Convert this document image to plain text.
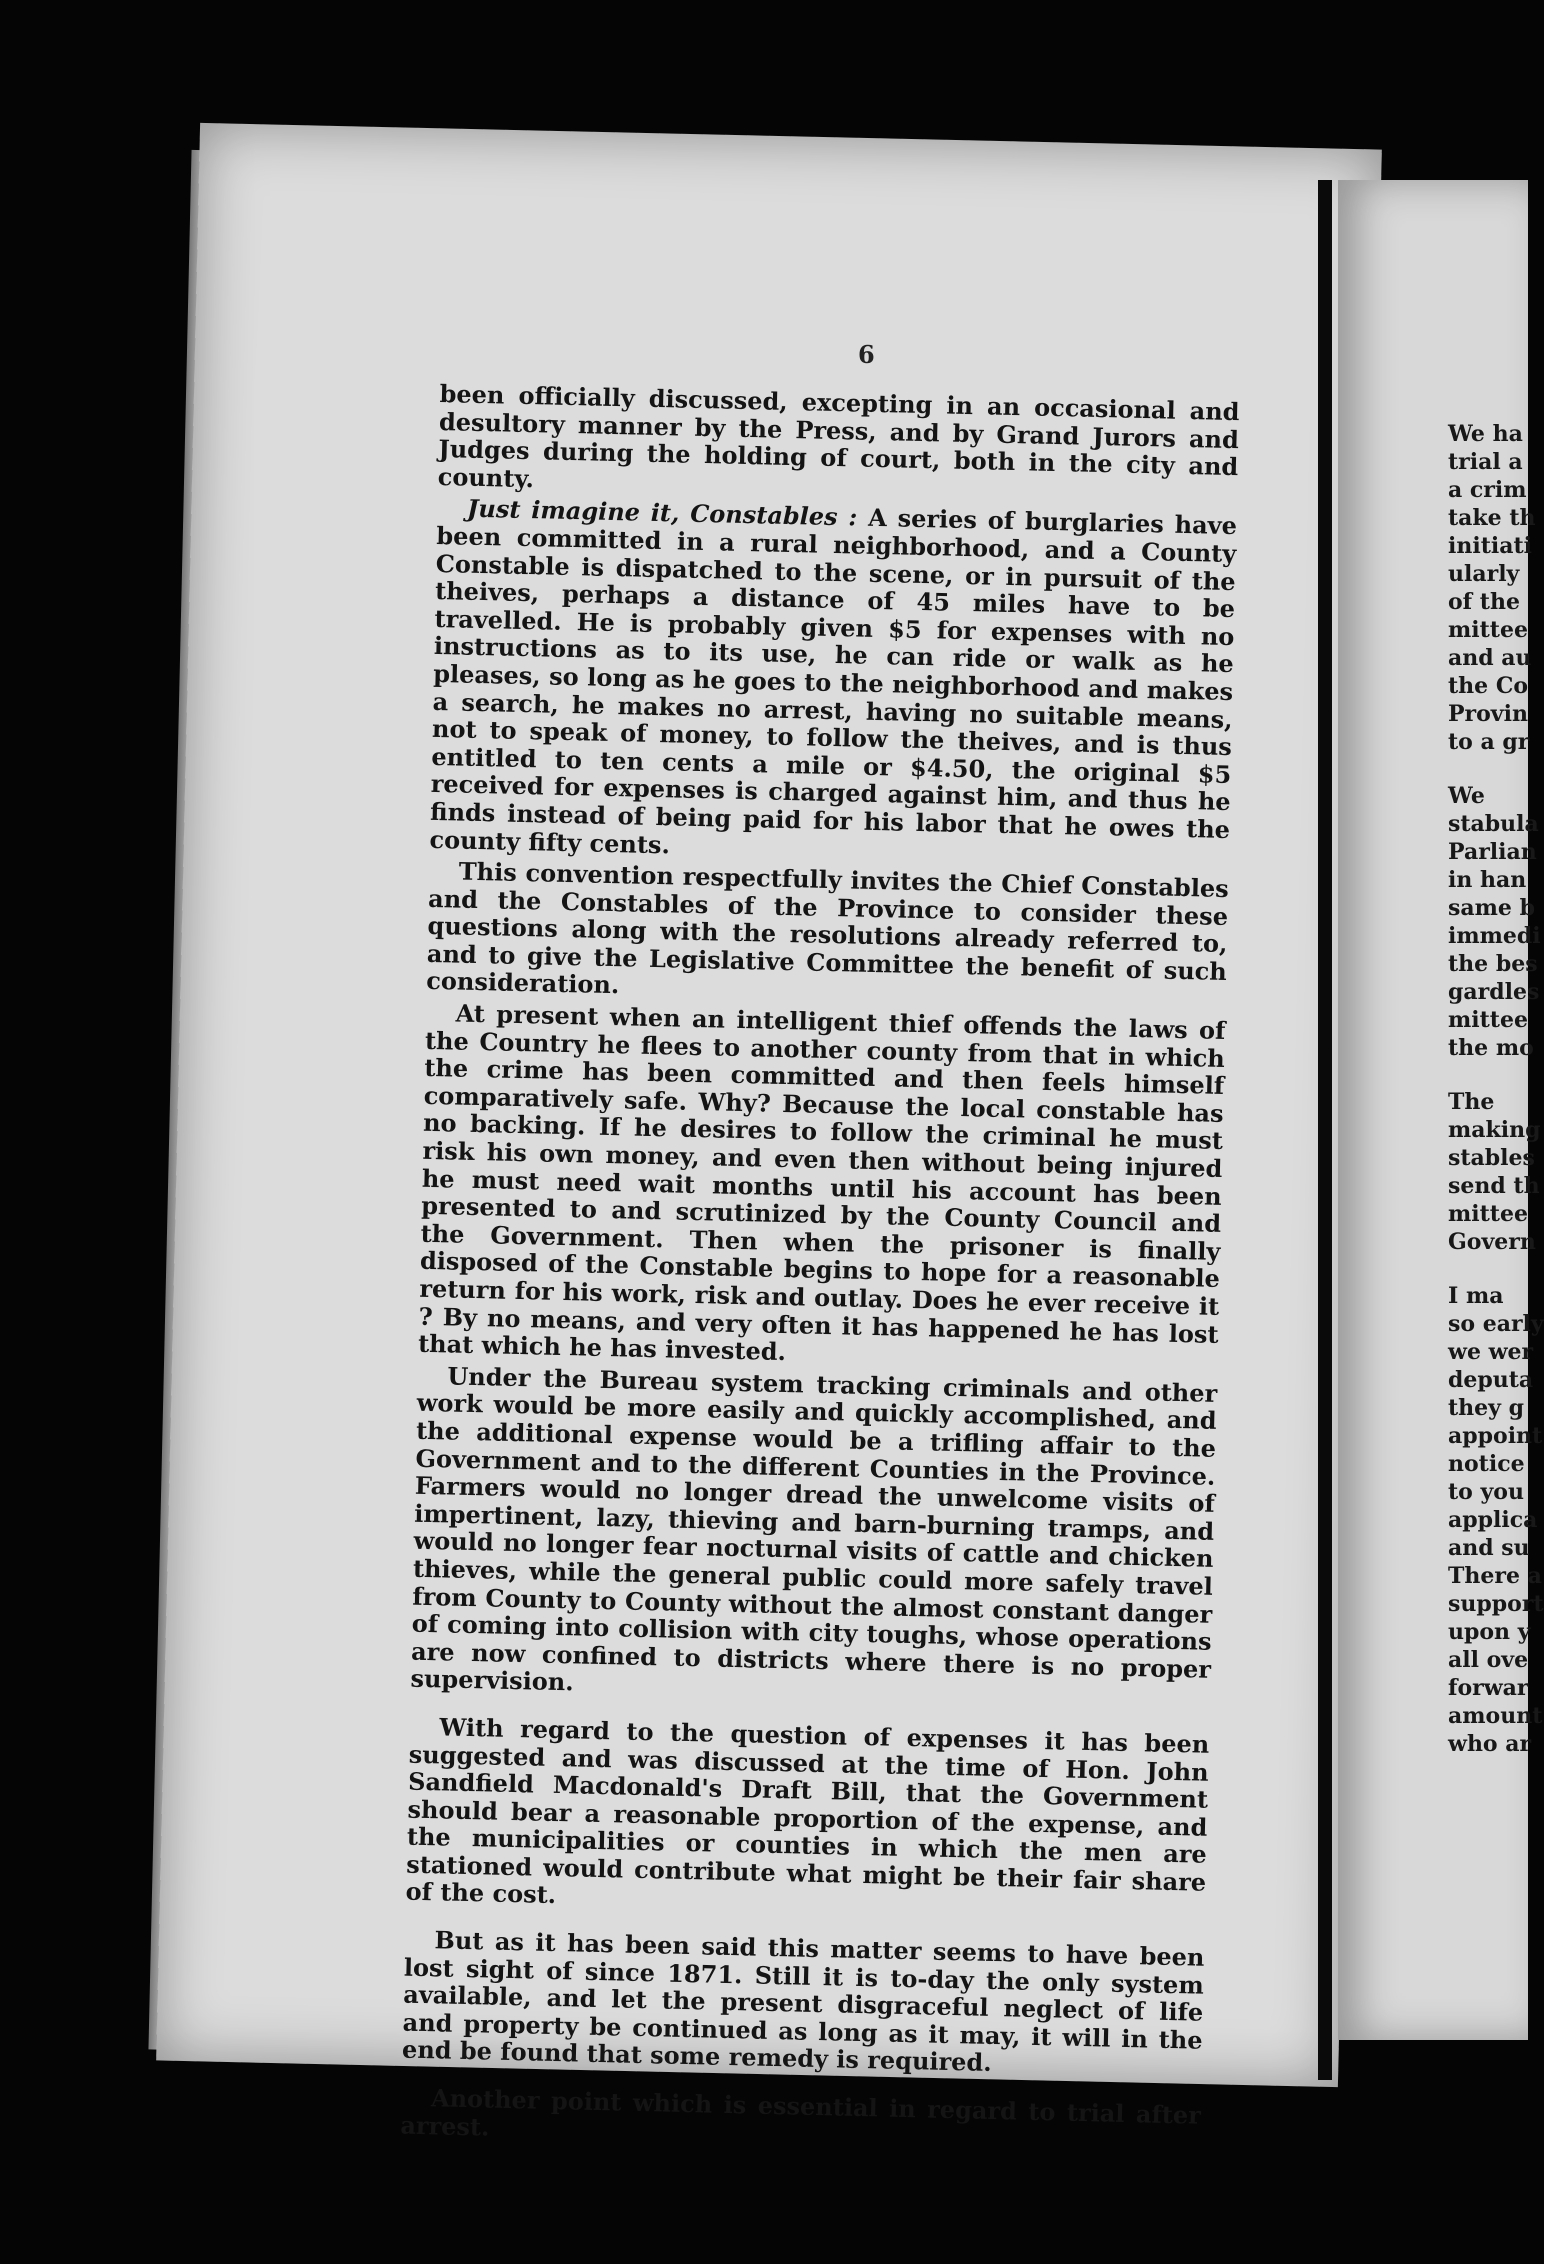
6

been officially discussed, excepting in an occasional and desultory manner by the Press, and by Grand Jurors and Judges during the holding of court, both in the city and county.

Just imagine it, Constables : A series of burglaries have been committed in a rural neighborhood, and a County Constable is dispatched to the scene, or in pursuit of the theives, perhaps a distance of 45 miles have to be travelled. He is probably given $5 for expenses with no instructions as to its use, he can ride or walk as he pleases, so long as he goes to the neighborhood and makes a search, he makes no arrest, having no suitable means, not to speak of money, to follow the theives, and is thus entitled to ten cents a mile or $4.50, the original $5 received for expenses is charged against him, and thus he finds instead of being paid for his labor that he owes the county fifty cents.

This convention respectfully invites the Chief Constables and the Constables of the Province to consider these questions along with the resolutions already referred to, and to give the Legislative Committee the benefit of such consideration.

At present when an intelligent thief offends the laws of the Country he flees to another county from that in which the crime has been committed and then feels himself comparatively safe. Why? Because the local constable has no backing. If he desires to follow the criminal he must risk his own money, and even then without being injured he must need wait months until his account has been presented to and scrutinized by the County Council and the Government. Then when the prisoner is finally disposed of the Constable begins to hope for a reasonable return for his work, risk and outlay. Does he ever receive it ? By no means, and very often it has happened he has lost that which he has invested.

Under the Bureau system tracking criminals and other work would be more easily and quickly accomplished, and the additional expense would be a trifling affair to the Government and to the different Counties in the Province. Farmers would no longer dread the unwelcome visits of impertinent, lazy, thieving and barn-burning tramps, and would no longer fear nocturnal visits of cattle and chicken thieves, while the general public could more safely travel from County to County without the almost constant danger of coming into collision with city toughs, whose operations are now confined to districts where there is no proper supervision.

With regard to the question of expenses it has been suggested and was discussed at the time of Hon. John Sandfield Macdonald's Draft Bill, that the Government should bear a reasonable proportion of the expense, and the municipalities or counties in which the men are stationed would contribute what might be their fair share of the cost.

But as it has been said this matter seems to have been lost sight of since 1871. Still it is to-day the only system available, and let the present disgraceful neglect of life and property be continued as long as it may, it will in the end be found that some remedy is required.

Another point which is essential in regard to trial after arrest.

We ha
trial a
a crim
take th
initiati
ularly
of the
mittee
and au
the Co
Provin
to a gr
We
stabula
Parlian
in han
same b
immedi
the bes
gardles
mittee
the mo
The
making
stables
send th
mittee
Govern
I ma
so early
we wer
deputa
they g
appoint
notice
to you
applica
and su
There a
support
upon y
all ove
forwar
amount
who ar
